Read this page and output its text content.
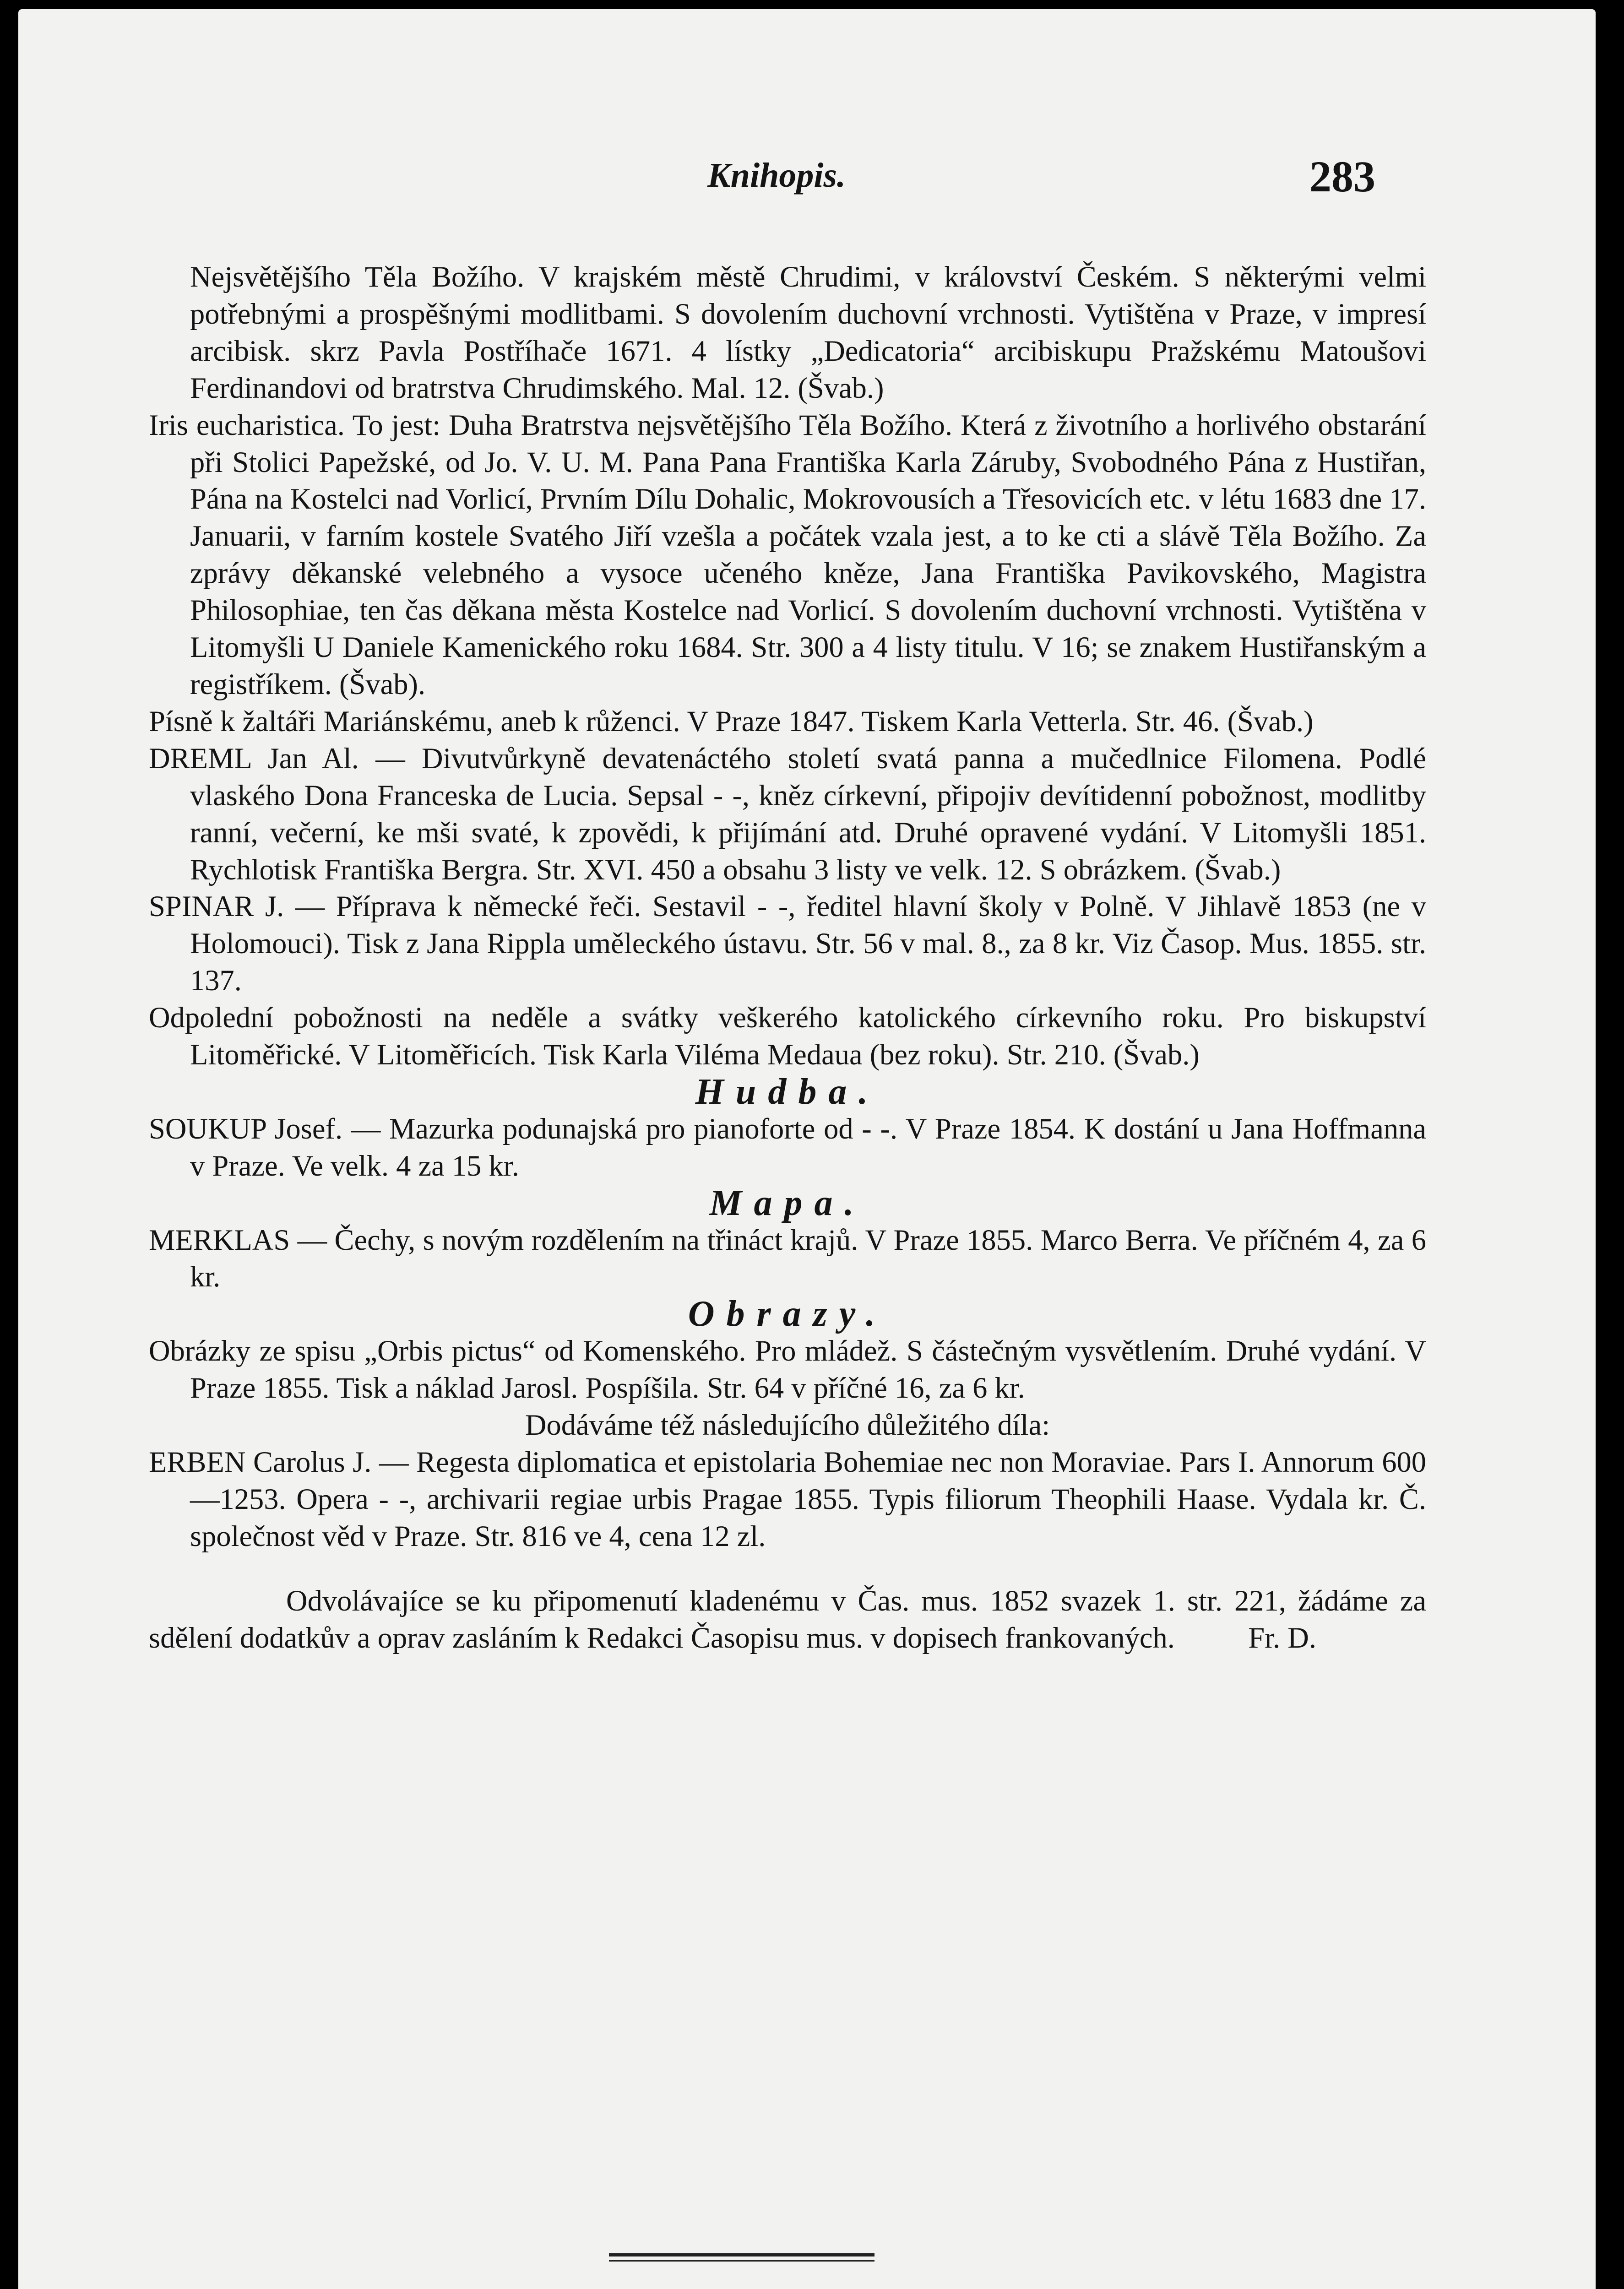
Knihopis.	283

Nejsvětějšího Těla Božího. V krajském městě Chrudimi, v království Českém. S některými velmi potřebnými a prospěšnými modlitbami. S dovolením duchovní vrchnosti. Vytištěna v Praze, v impresí arcibisk. skrz Pavla Postříhače 1671. 4 lístky „Dedicatoria“ arcibiskupu Pražskému Matoušovi Ferdinandovi od bratrstva Chrudimského. Mal. 12. (Švab.)

Iris eucharistica. To jest: Duha Bratrstva nejsvětějšího Těla Božího. Která z životního a horlivého obstarání při Stolici Papežské, od Jo. V. U. M. Pana Pana Františka Karla Záruby, Svobodného Pána z Hustiřan, Pána na Kostelci nad Vorlicí, Prvním Dílu Dohalic, Mokrovousích a Třesovicích etc. v létu 1683 dne 17. Januarii, v farním kostele Svatého Jiří vzešla a počátek vzala jest, a to ke cti a slávě Těla Božího. Za zprávy děkanské velebného a vysoce učeného kněze, Jana Františka Pavikovského, Magistra Philosophiae, ten čas děkana města Kostelce nad Vorlicí. S dovolením duchovní vrchnosti. Vytištěna v Litomyšli U Daniele Kamenického roku 1684. Str. 300 a 4 listy titulu. V 16; se znakem Hustiřanským a registříkem. (Švab).

Písně k žaltáři Mariánskému, aneb k růženci. V Praze 1847. Tiskem Karla Vetterla. Str. 46. (Švab.)

DREML Jan Al. — Divutvůrkyně devatenáctého století svatá panna a mučedlnice Filomena. Podlé vlaského Dona Franceska de Lucia. Sepsal - -, kněz církevní, připojiv devítidenní pobožnost, modlitby ranní, večerní, ke mši svaté, k zpovědi, k přijímání atd. Druhé opravené vydání. V Litomyšli 1851. Rychlotisk Františka Bergra. Str. XVI. 450 a obsahu 3 listy ve velk. 12. S obrázkem. (Švab.)

SPINAR J. — Příprava k německé řeči. Sestavil - -, ředitel hlavní školy v Polně. V Jihlavě 1853 (ne v Holomouci). Tisk z Jana Rippla uměleckého ústavu. Str. 56 v mal. 8., za 8 kr. Viz Časop. Mus. 1855. str. 137.

Odpolední pobožnosti na neděle a svátky veškerého katolického církevního roku. Pro biskupství Litoměřické. V Litoměřicích. Tisk Karla Viléma Medaua (bez roku). Str. 210. (Švab.)

Hudba.

SOUKUP Josef. — Mazurka podunajská pro pianoforte od - -. V Praze 1854. K dostání u Jana Hoffmanna v Praze. Ve velk. 4 za 15 kr.

Mapa.

MERKLAS — Čechy, s novým rozdělením na třináct krajů. V Praze 1855. Marco Berra. Ve příčném 4, za 6 kr.

Obrazy.

Obrázky ze spisu „Orbis pictus“ od Komenského. Pro mládež. S částečným vysvětlením. Druhé vydání. V Praze 1855. Tisk a náklad Jarosl. Pospíšila. Str. 64 v příčné 16, za 6 kr.

Dodáváme též následujícího důležitého díla:

ERBEN Carolus J. — Regesta diplomatica et epistolaria Bohemiae nec non Moraviae. Pars I. Annorum 600—1253. Opera - -, archivarii regiae urbis Pragae 1855. Typis filiorum Theophili Haase. Vydala kr. Č. společnost věd v Praze. Str. 816 ve 4, cena 12 zl.

Odvolávajíce se ku připomenutí kladenému v Čas. mus. 1852 svazek 1. str. 221, žádáme za sdělení dodatkův a oprav zasláním k Redakci Časopisu mus. v dopisech frankovaných.	Fr. D.
